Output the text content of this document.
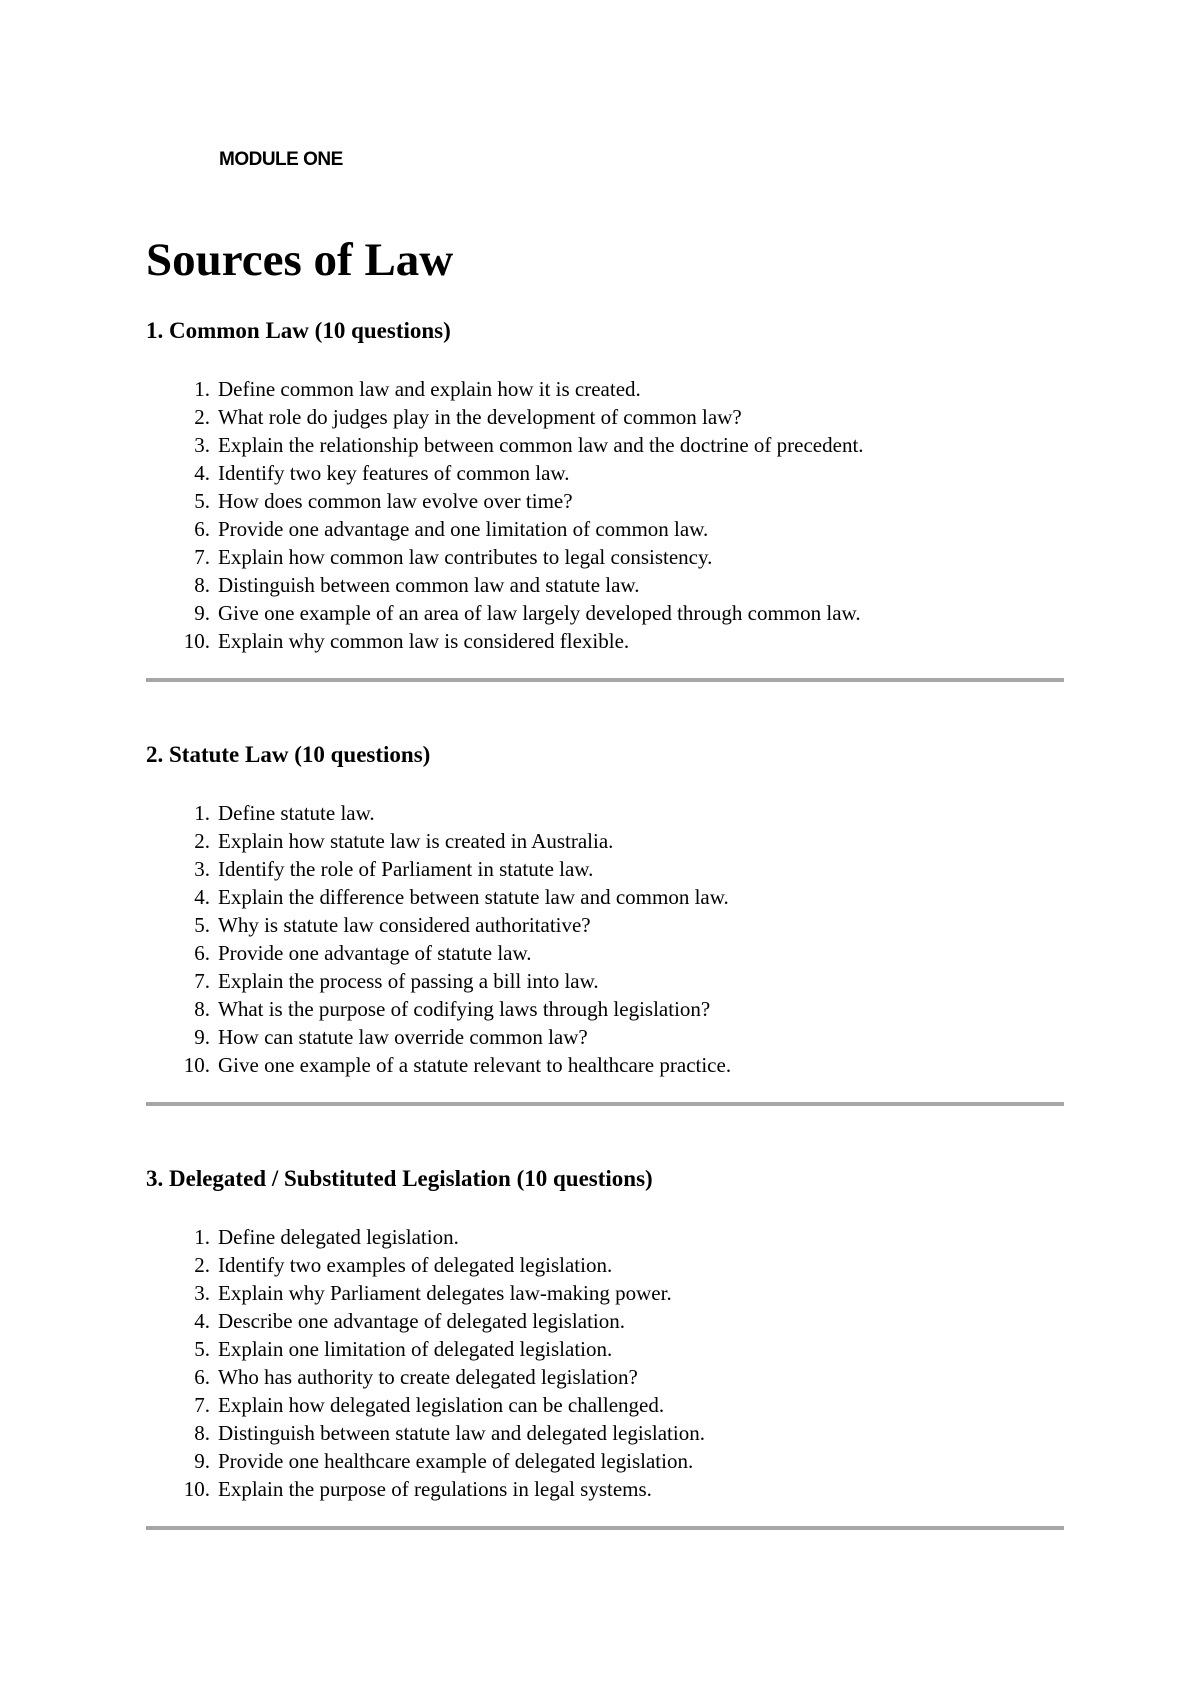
MODULE ONE
Sources of Law
1. Common Law (10 questions)
1. Define common law and explain how it is created.
2. What role do judges play in the development of common law?
3. Explain the relationship between common law and the doctrine of precedent.
4. Identify two key features of common law.
5. How does common law evolve over time?
6. Provide one advantage and one limitation of common law.
7. Explain how common law contributes to legal consistency.
8. Distinguish between common law and statute law.
9. Give one example of an area of law largely developed through common law.
10. Explain why common law is considered flexible.
2. Statute Law (10 questions)
1. Define statute law.
2. Explain how statute law is created in Australia.
3. Identify the role of Parliament in statute law.
4. Explain the difference between statute law and common law.
5. Why is statute law considered authoritative?
6. Provide one advantage of statute law.
7. Explain the process of passing a bill into law.
8. What is the purpose of codifying laws through legislation?
9. How can statute law override common law?
10. Give one example of a statute relevant to healthcare practice.
3. Delegated / Substituted Legislation (10 questions)
1. Define delegated legislation.
2. Identify two examples of delegated legislation.
3. Explain why Parliament delegates law-making power.
4. Describe one advantage of delegated legislation.
5. Explain one limitation of delegated legislation.
6. Who has authority to create delegated legislation?
7. Explain how delegated legislation can be challenged.
8. Distinguish between statute law and delegated legislation.
9. Provide one healthcare example of delegated legislation.
10. Explain the purpose of regulations in legal systems.
